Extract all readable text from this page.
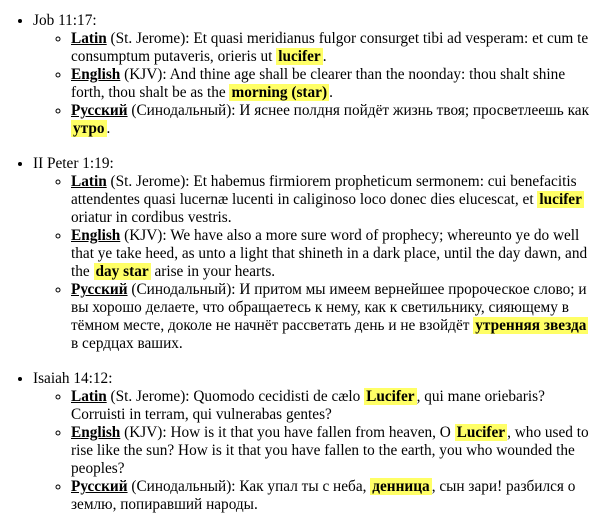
• Job 11:17:
◦ Latin (St. Jerome): Et quasi meridianus fulgor consurget tibi ad vesperam: et cum te consumptum putaveris, orieris ut lucifer .
◦ English (KJV): And thine age shall be clearer than the noonday: thou shalt shine forth, thou shalt be as the morning (star) .
◦ Русский (Синодальный): И яснее полдня пойдёт жизнь твоя; просветлеешь как утро .
• II Peter 1:19:
◦ Latin (St. Jerome): Et habemus firmiorem propheticum sermonem: cui benefacitis attendentes quasi lucernæ lucenti in caliginoso loco donec dies elucescat, et lucifer oriatur in cordibus vestris.
◦ English (KJV): We have also a more sure word of prophecy; whereunto ye do well that ye take heed, as unto a light that shineth in a dark place, until the day dawn, and the day star arise in your hearts.
◦ Русский (Синодальный): И притом мы имеем вернейшее пророческое слово; и вы хорошо делаете, что обращаетесь к нему, как к светильнику, сияющему в тёмном месте, доколе не начнёт рассветать день и не взойдёт утренняя звезда в сердцах ваших.
• Isaiah 14:12:
◦ Latin (St. Jerome): Quomodo cecidisti de cælo Lucifer , qui mane oriebaris? Corruisti in terram, qui vulnerabas gentes?
◦ English (KJV): How is it that you have fallen from heaven, O Lucifer , who used to rise like the sun? How is it that you have fallen to the earth, you who wounded the peoples?
◦ Русский (Синодальный): Как упал ты с неба, денница , сын зари! разбился о землю, попиравший народы.
